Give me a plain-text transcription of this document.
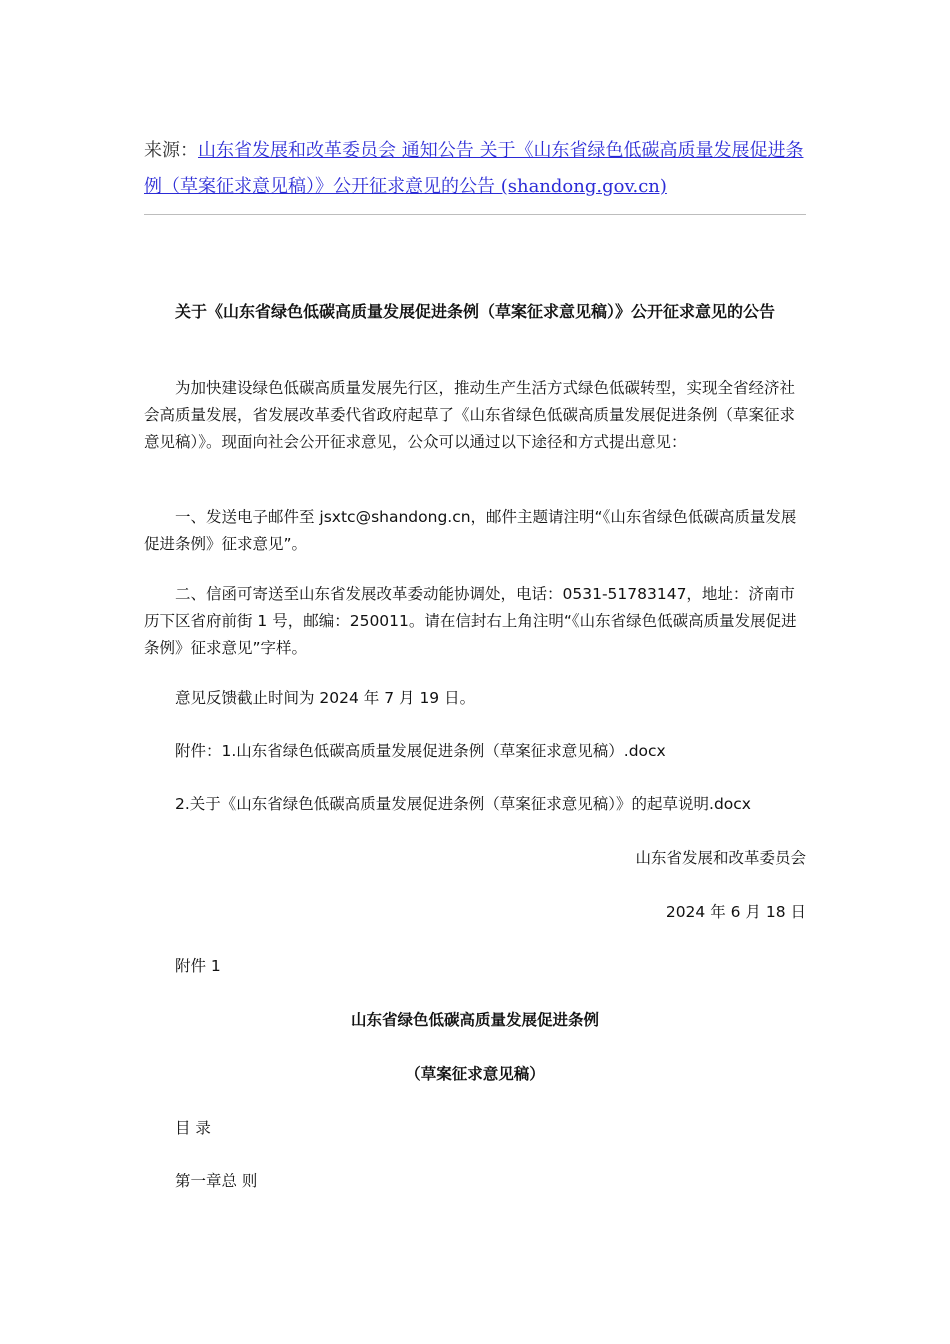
来源：山东省发展和改革委员会 通知公告 关于《山东省绿色低碳高质量发展促进条例（草案征求意见稿）》公开征求意见的公告 (shandong.gov.cn)
关于《山东省绿色低碳高质量发展促进条例（草案征求意见稿）》公开征求意见的公告
为加快建设绿色低碳高质量发展先行区，推动生产生活方式绿色低碳转型，实现全省经济社会高质量发展，省发展改革委代省政府起草了《山东省绿色低碳高质量发展促进条例（草案征求意见稿）》。现面向社会公开征求意见，公众可以通过以下途径和方式提出意见：
一、发送电子邮件至 jsxtc@shandong.cn，邮件主题请注明“《山东省绿色低碳高质量发展促进条例》征求意见”。
二、信函可寄送至山东省发展改革委动能协调处，电话：0531-51783147，地址：济南市历下区省府前街 1 号，邮编：250011。请在信封右上角注明“《山东省绿色低碳高质量发展促进条例》征求意见”字样。
意见反馈截止时间为 2024 年 7 月 19 日。
附件：1.山东省绿色低碳高质量发展促进条例（草案征求意见稿）.docx
2.关于《山东省绿色低碳高质量发展促进条例（草案征求意见稿）》的起草说明.docx
山东省发展和改革委员会
2024 年 6 月 18 日
附件 1
山东省绿色低碳高质量发展促进条例
（草案征求意见稿）
目 录
第一章总 则
